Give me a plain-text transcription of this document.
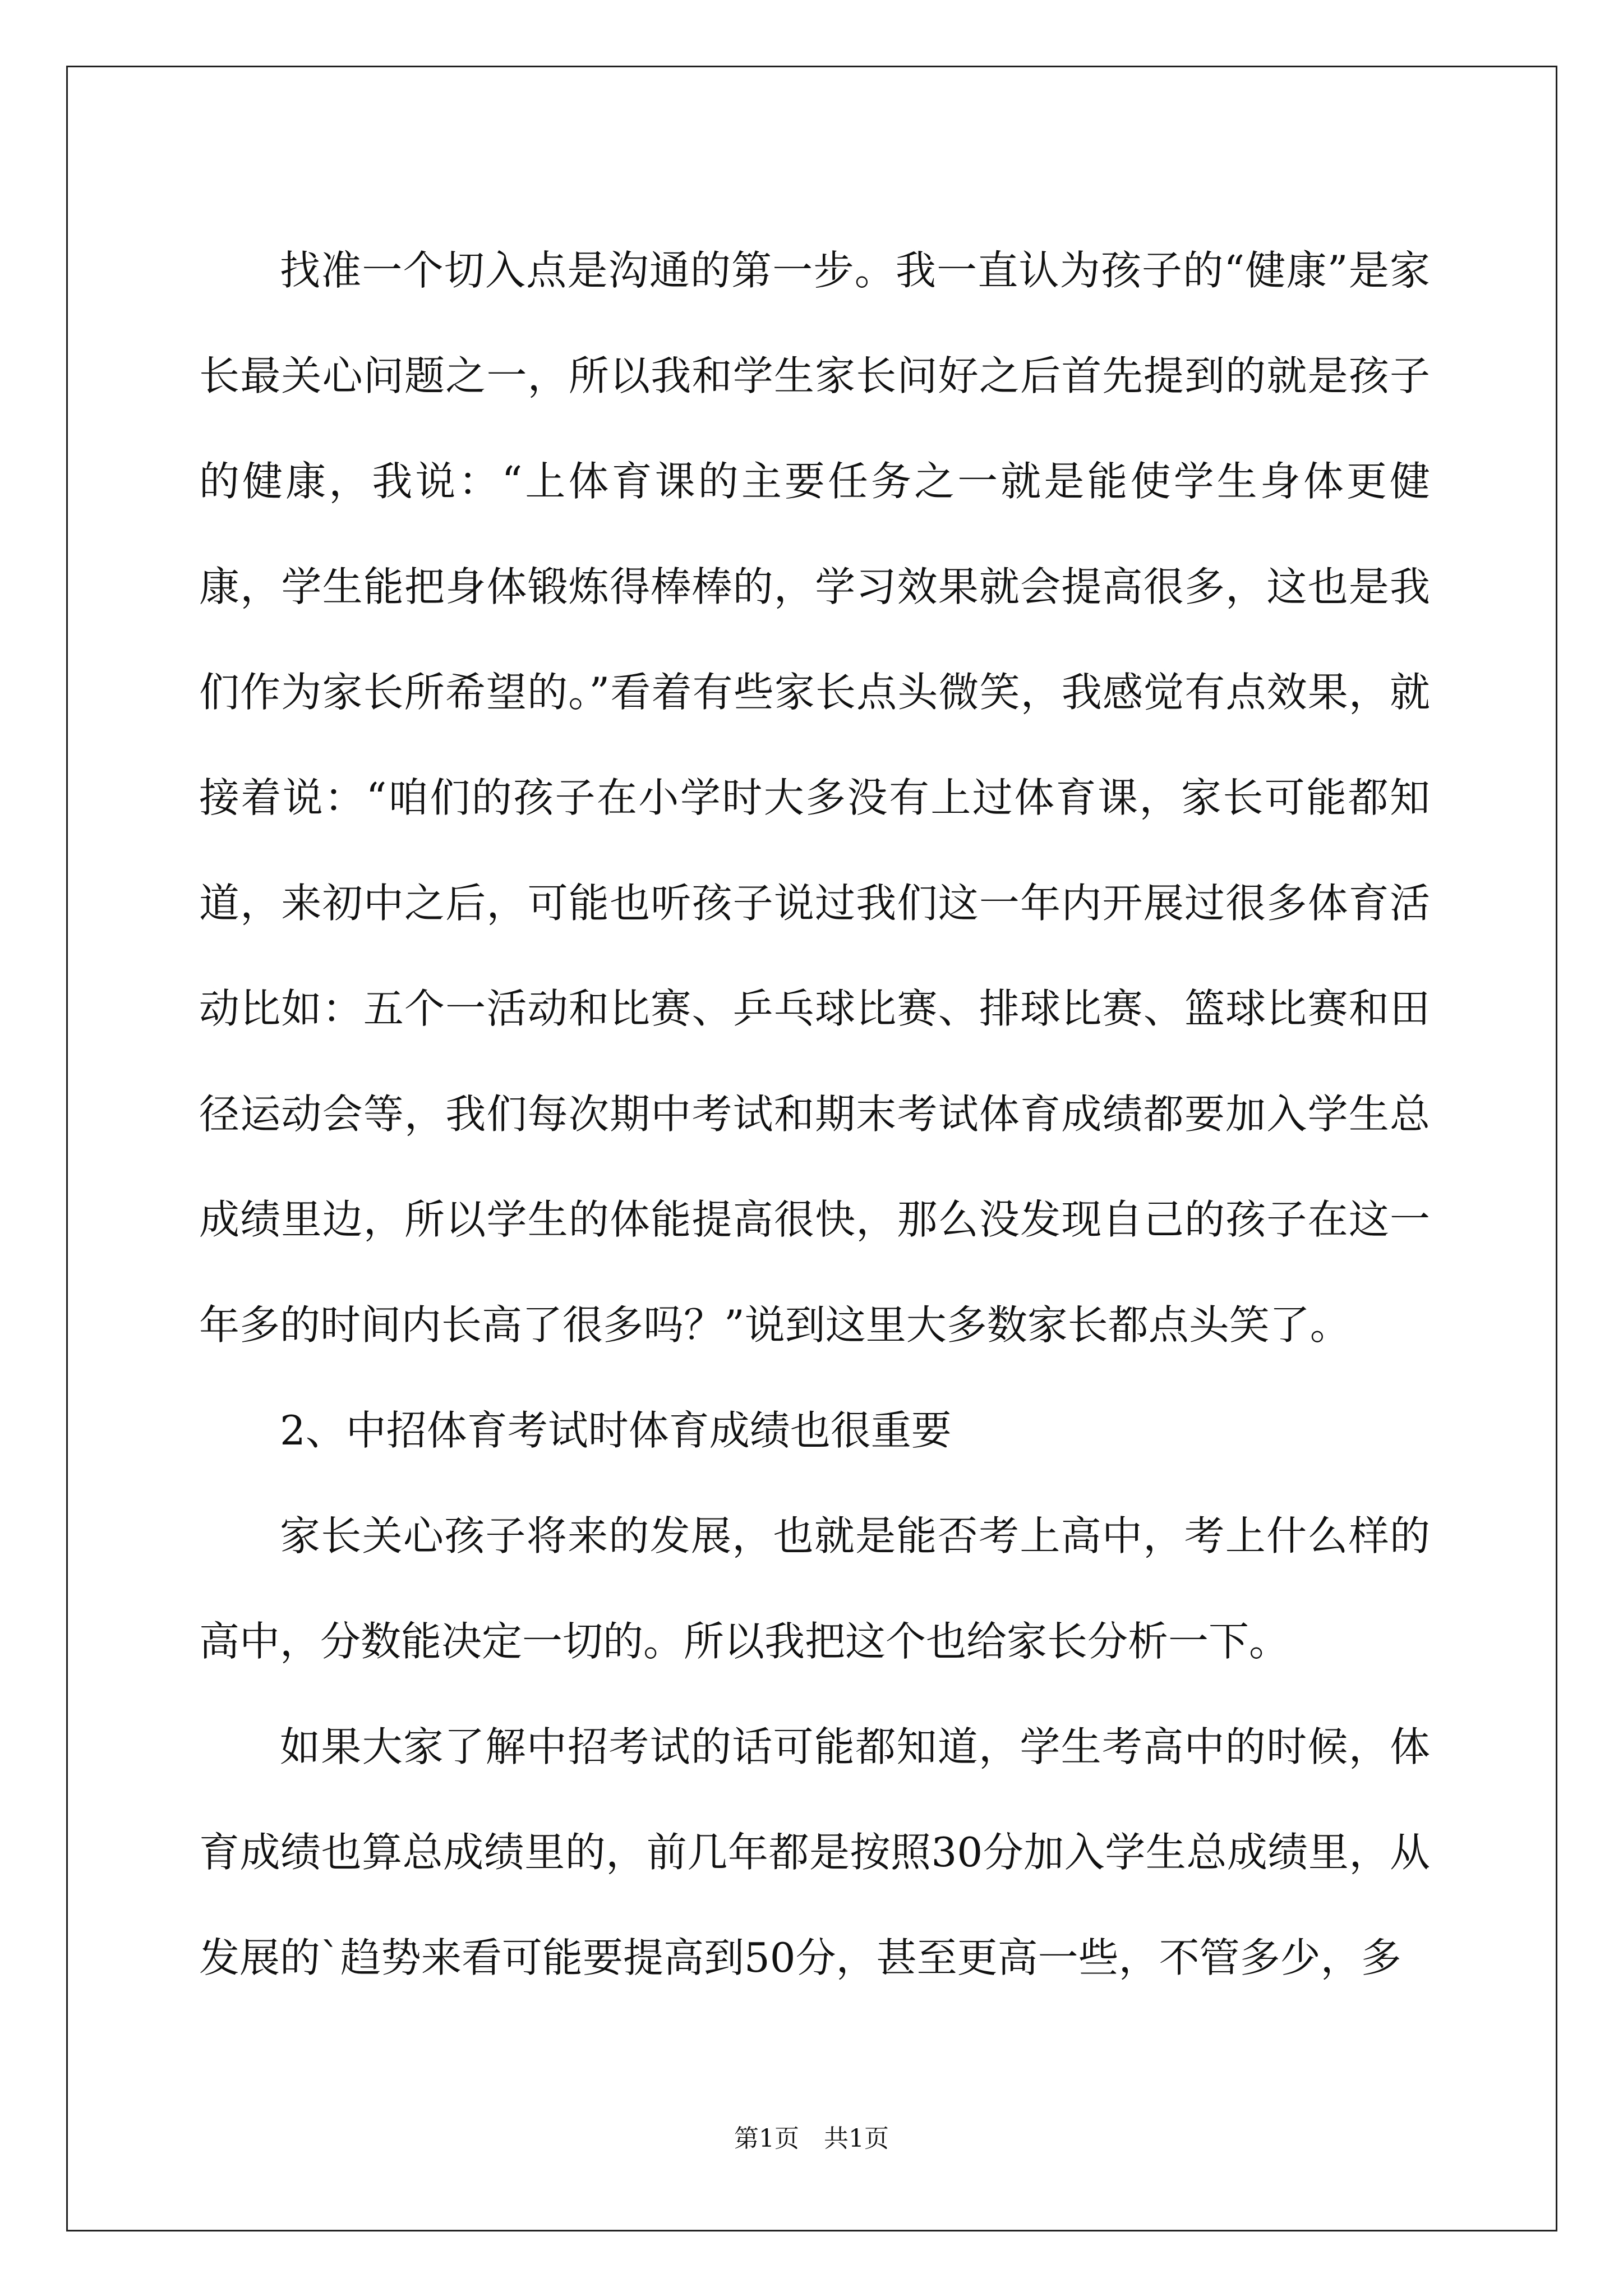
找准一个切入点是沟通的第一步。我一直认为孩子的“健康”是家长最关心问题之一，所以我和学生家长问好之后首先提到的就是孩子的健康，我说：“上体育课的主要任务之一就是能使学生身体更健康，学生能把身体锻炼得棒棒的，学习效果就会提高很多，这也是我们作为家长所希望的。”看着有些家长点头微笑，我感觉有点效果，就接着说：“咱们的孩子在小学时大多没有上过体育课，家长可能都知道，来初中之后，可能也听孩子说过我们这一年内开展过很多体育活动比如：五个一活动和比赛、乒乓球比赛、排球比赛、篮球比赛和田径运动会等，我们每次期中考试和期末考试体育成绩都要加入学生总成绩里边，所以学生的体能提高很快，那么没发现自己的孩子在这一年多的时间内长高了很多吗？”说到这里大多数家长都点头笑了。

2、中招体育考试时体育成绩也很重要

家长关心孩子将来的发展，也就是能否考上高中，考上什么样的高中，分数能决定一切的。所以我把这个也给家长分析一下。

如果大家了解中招考试的话可能都知道，学生考高中的时候，体育成绩也算总成绩里的，前几年都是按照30分加入学生总成绩里，从发展的`趋势来看可能要提高到50分，甚至更高一些，不管多少，多

第1页　共1页
